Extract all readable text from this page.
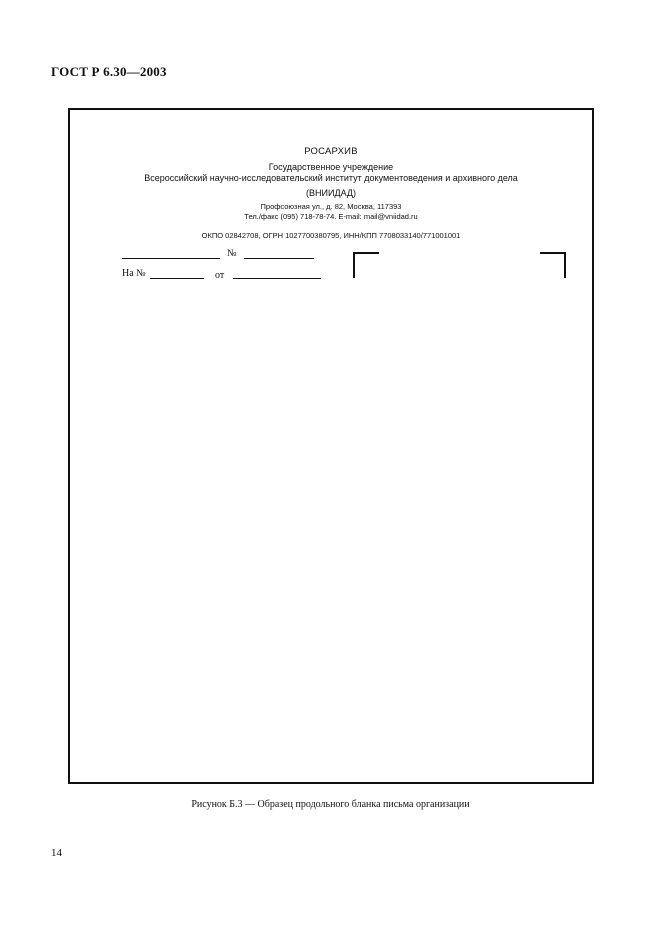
ГОСТ Р 6.30—2003
РОСАРХИВ
Государственное учреждение
Всероссийский научно-исследовательский институт документоведения и архивного дела
(ВНИИДАД)
Профсоюзная ул., д. 82, Москва, 117393
Тел./факс (095) 718-78-74. E-mail: mail@vniidad.ru
ОКПО 02842708, ОГРН 1027700380795, ИНН/КПП 7708033140/771001001
№
На №	от
Рисунок Б.3 — Образец продольного бланка письма организации
14
